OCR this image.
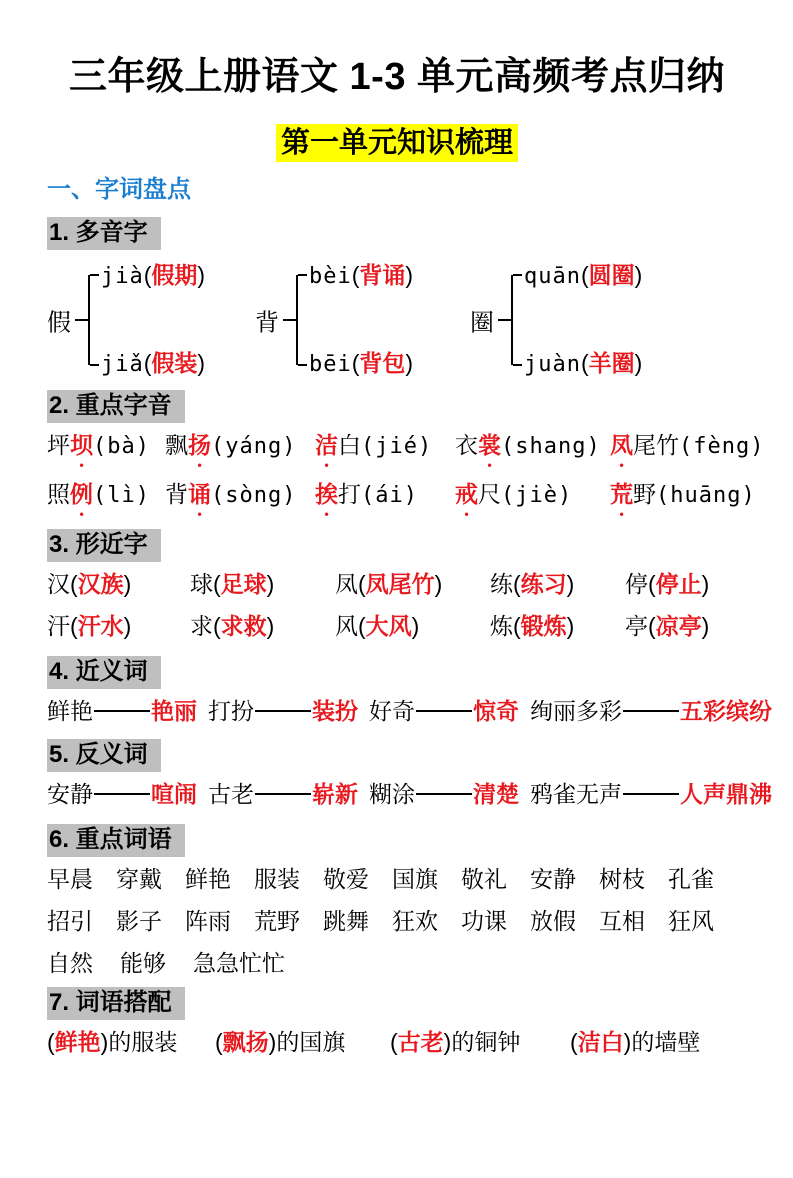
三年级上册语文 1-3 单元高频考点归纳
第一单元知识梳理
一、字词盘点
1. 多音字
假
jià(假期)
jiǎ(假装)
背
bèi(背诵)
bēi(背包)
圈
quān(圆圈)
juàn(羊圈)
2. 重点字音
坪坝(bà) 飘扬(yáng) 洁白(jié) 衣裳(shang) 凤尾竹(fèng)
照例(lì) 背诵(sòng) 挨打(ái)	戒尺(jiè)	荒野(huāng)
3. 形近字
汉(汉族)	球(足球)	凤(凤尾竹)	练(练习)	停(停止)
汗(汗水)	求(求救)	风(大风)	炼(锻炼)	亭(凉亭)
4. 近义词
鲜艳	艳丽 打扮	装扮 好奇	惊奇 绚丽多彩	五彩缤纷
5. 反义词
安静	喧闹 古老	崭新 糊涂	清楚 鸦雀无声	人声鼎沸
6. 重点词语
早晨 穿戴 鲜艳 服装 敬爱 国旗 敬礼 安静 树枝 孔雀
招引 影子 阵雨 荒野 跳舞 狂欢 功课 放假 互相 狂风
自然 能够 急急忙忙
7. 词语搭配
(鲜艳)的服装	(飘扬)的国旗	(古老)的铜钟	(洁白)的墙壁
